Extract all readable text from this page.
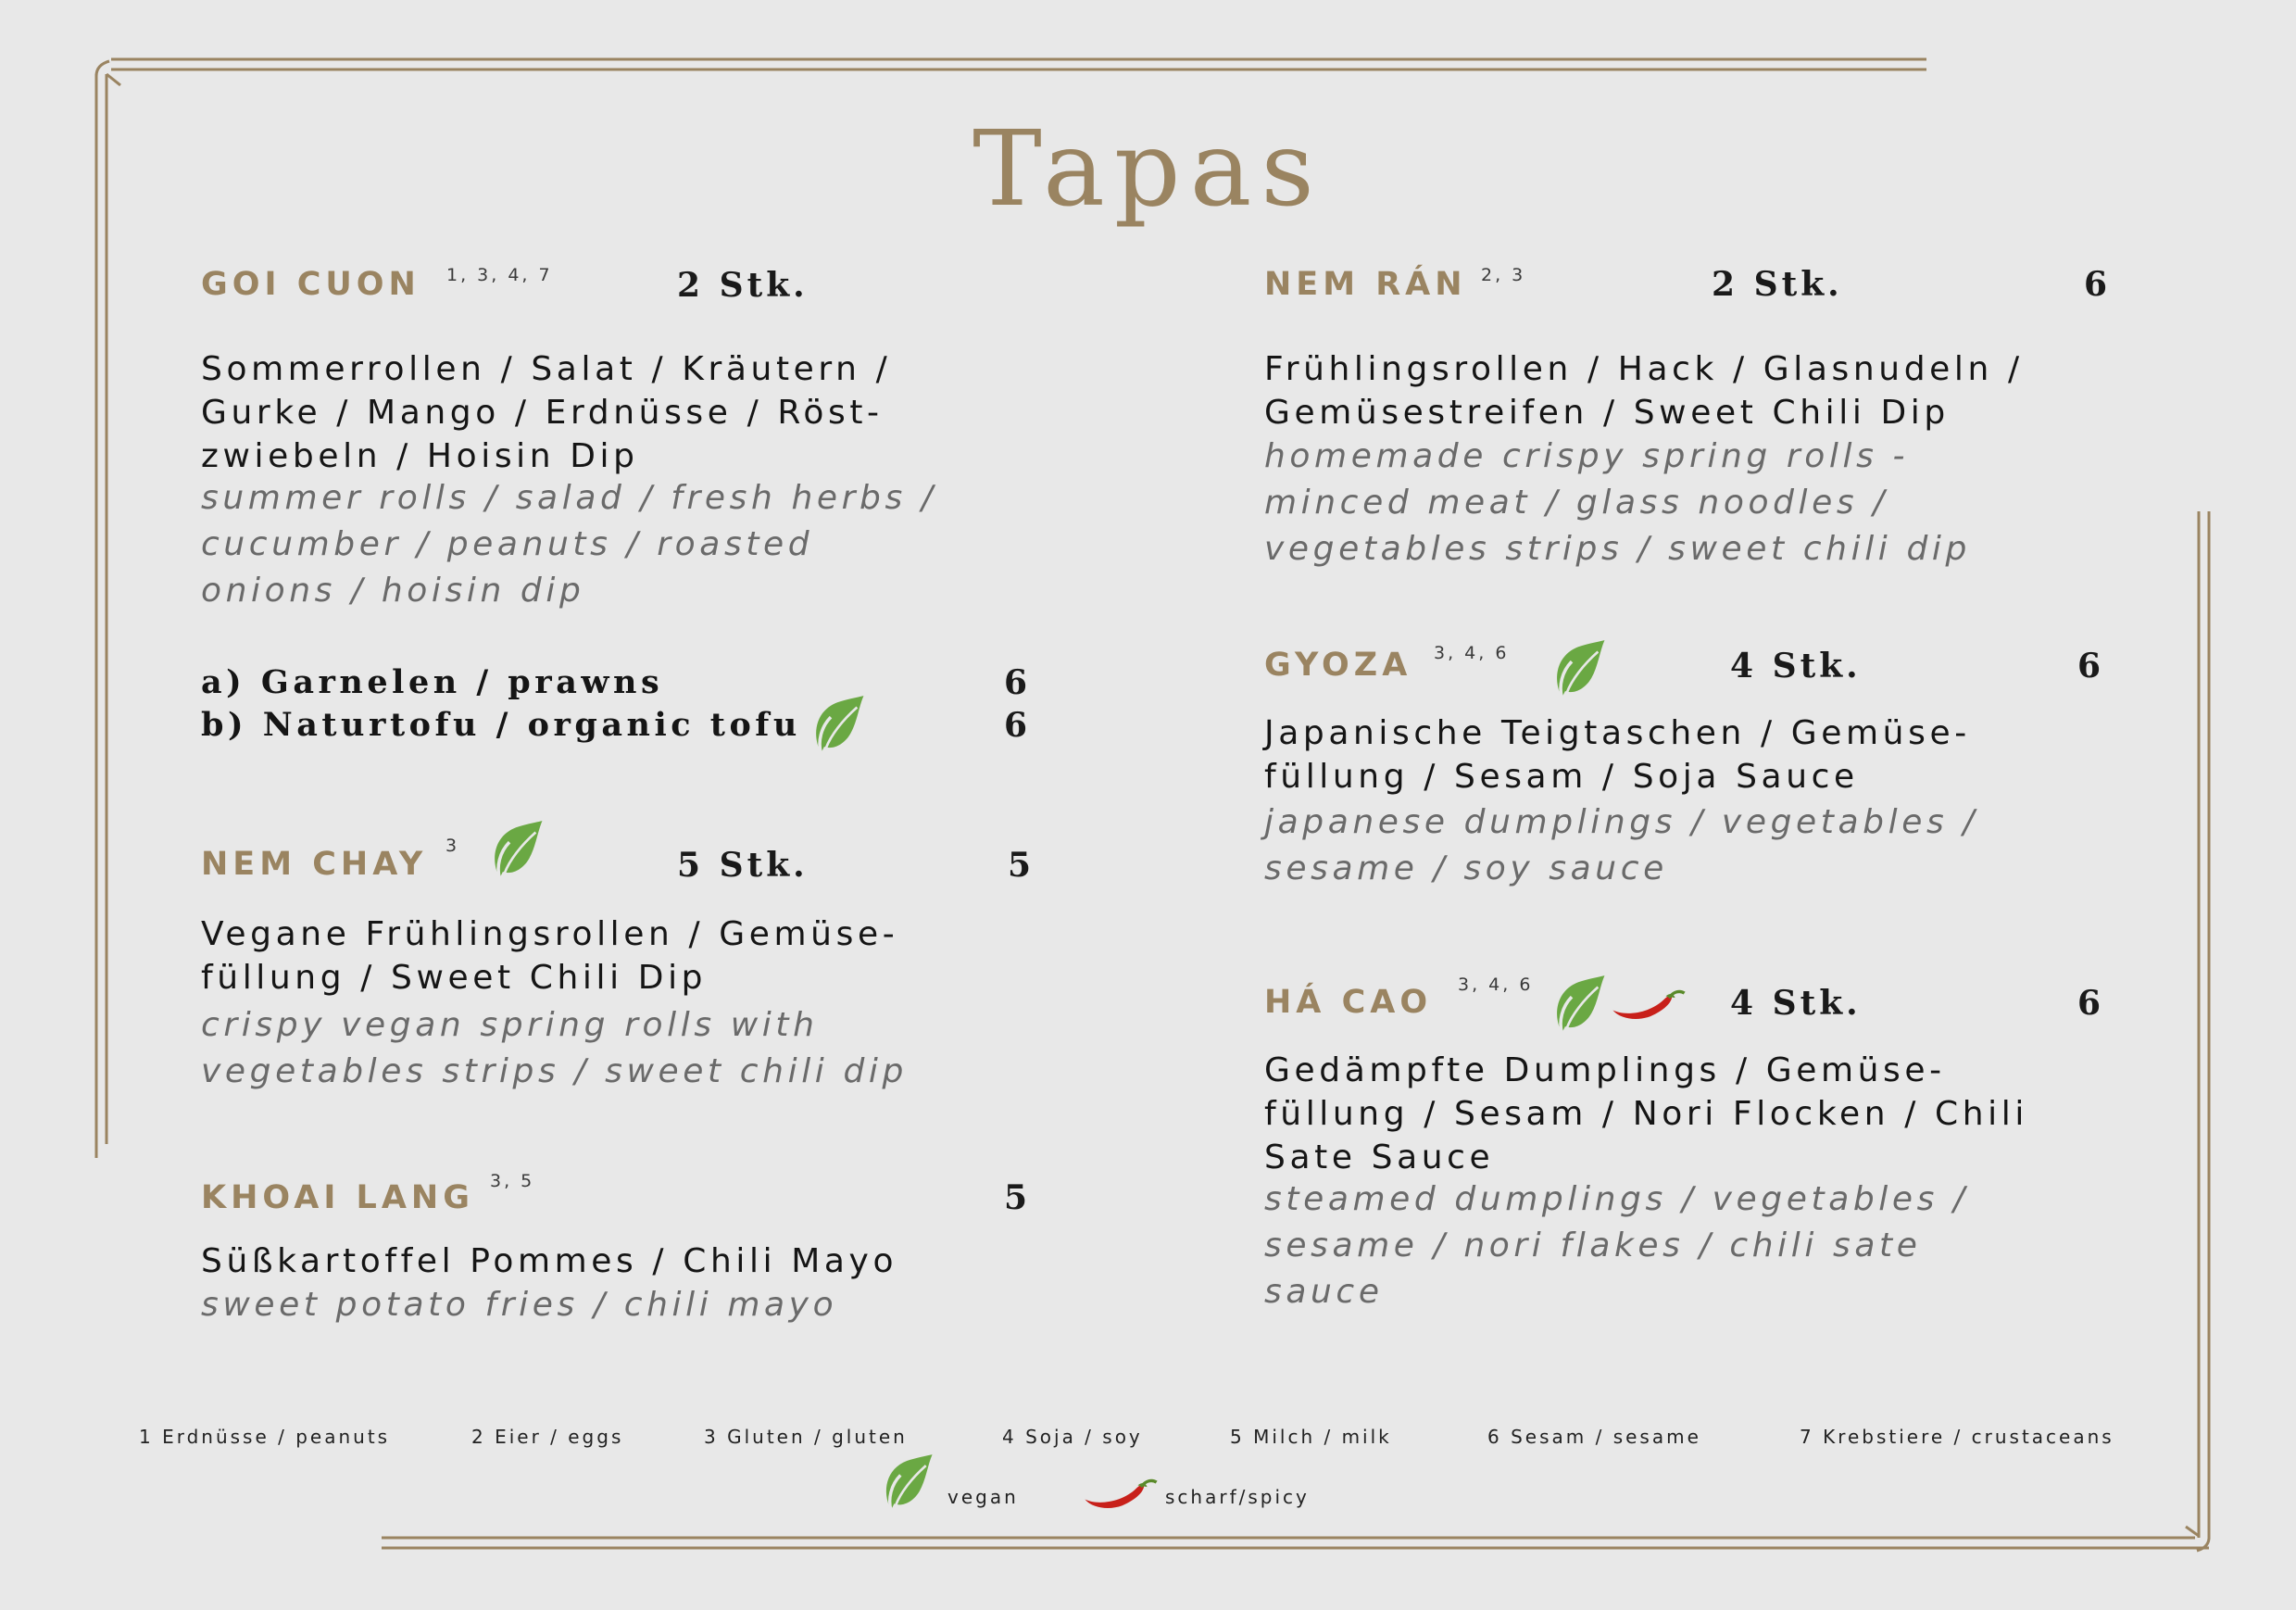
Tapas
GOI CUON 1, 3, 4, 7	2 Stk.
Sommerrollen / Salat / Kräutern /
Gurke / Mango / Erdnüsse / Röst-
zwiebeln / Hoisin Dip
summer rolls / salad / fresh herbs /
cucumber / peanuts / roasted
onions / hoisin dip
a) Garnelen / prawns	6
b) Naturtofu / organic tofu	6
NEM CHAY 3	5 Stk.	5
Vegane Frühlingsrollen / Gemüse-
füllung / Sweet Chili Dip
crispy vegan spring rolls with
vegetables strips / sweet chili dip
KHOAI LANG 3, 5	5
Süßkartoffel Pommes / Chili Mayo
sweet potato fries / chili mayo
NEM RÁN 2, 3	2 Stk.	6
Frühlingsrollen / Hack / Glasnudeln /
Gemüsestreifen / Sweet Chili Dip
homemade crispy spring rolls -
minced meat / glass noodles /
vegetables strips / sweet chili dip
GYOZA 3, 4, 6	4 Stk.	6
Japanische Teigtaschen / Gemüse-
füllung / Sesam / Soja Sauce
japanese dumplings / vegetables /
sesame / soy sauce
HÁ CAO 3, 4, 6	4 Stk.	6
Gedämpfte Dumplings / Gemüse-
füllung / Sesam / Nori Flocken / Chili
Sate Sauce
steamed dumplings / vegetables /
sesame / nori flakes / chili sate
sauce
1 Erdnüsse / peanuts	2 Eier / eggs	3 Gluten / gluten	4 Soja / soy	5 Milch / milk	6 Sesam / sesame	7 Krebstiere / crustaceans
vegan	scharf/spicy
